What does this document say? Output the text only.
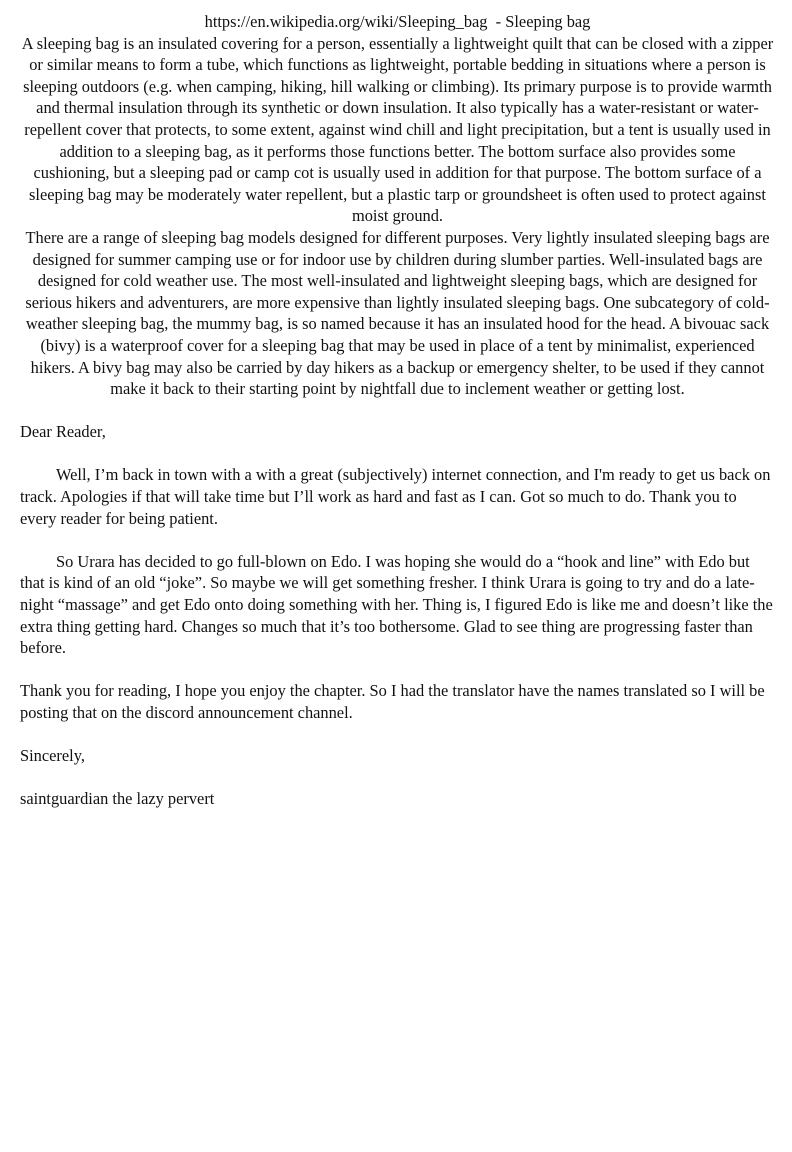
https://en.wikipedia.org/wiki/Sleeping_bag  - Sleeping bag

A sleeping bag is an insulated covering for a person, essentially a lightweight quilt that can be closed with a zipper or similar means to form a tube, which functions as lightweight, portable bedding in situations where a person is sleeping outdoors (e.g. when camping, hiking, hill walking or climbing). Its primary purpose is to provide warmth and thermal insulation through its synthetic or down insulation. It also typically has a water-resistant or water-repellent cover that protects, to some extent, against wind chill and light precipitation, but a tent is usually used in addition to a sleeping bag, as it performs those functions better. The bottom surface also provides some cushioning, but a sleeping pad or camp cot is usually used in addition for that purpose. The bottom surface of a sleeping bag may be moderately water repellent, but a plastic tarp or groundsheet is often used to protect against moist ground.

There are a range of sleeping bag models designed for different purposes. Very lightly insulated sleeping bags are designed for summer camping use or for indoor use by children during slumber parties. Well-insulated bags are designed for cold weather use. The most well-insulated and lightweight sleeping bags, which are designed for serious hikers and adventurers, are more expensive than lightly insulated sleeping bags. One subcategory of cold-weather sleeping bag, the mummy bag, is so named because it has an insulated hood for the head. A bivouac sack (bivy) is a waterproof cover for a sleeping bag that may be used in place of a tent by minimalist, experienced hikers. A bivy bag may also be carried by day hikers as a backup or emergency shelter, to be used if they cannot make it back to their starting point by nightfall due to inclement weather or getting lost.

Dear Reader,

Well, I’m back in town with a with a great (subjectively) internet connection, and I'm ready to get us back on track. Apologies if that will take time but I’ll work as hard and fast as I can. Got so much to do. Thank you to every reader for being patient.

So Urara has decided to go full-blown on Edo. I was hoping she would do a “hook and line” with Edo but that is kind of an old “joke”. So maybe we will get something fresher. I think Urara is going to try and do a late-night “massage” and get Edo onto doing something with her. Thing is, I figured Edo is like me and doesn’t like the extra thing getting hard. Changes so much that it’s too bothersome. Glad to see thing are progressing faster than before.

Thank you for reading, I hope you enjoy the chapter. So I had the translator have the names translated so I will be posting that on the discord announcement channel.

Sincerely,

saintguardian the lazy pervert
